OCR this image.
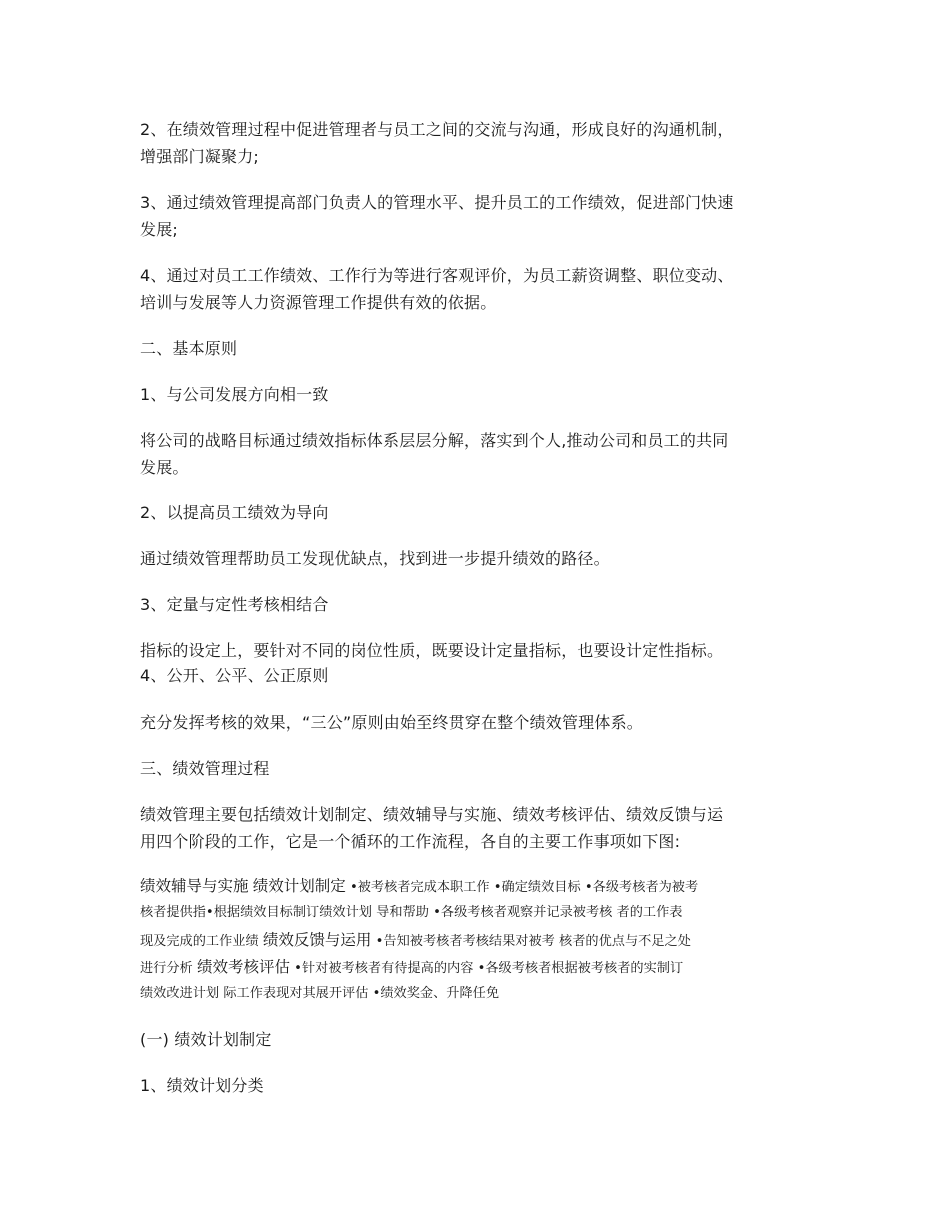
2、在绩效管理过程中促进管理者与员工之间的交流与沟通，形成良好的沟通机制，
增强部门凝聚力;
3、通过绩效管理提高部门负责人的管理水平、提升员工的工作绩效，促进部门快速
发展;
4、通过对员工工作绩效、工作行为等进行客观评价，为员工薪资调整、职位变动、
培训与发展等人力资源管理工作提供有效的依据。
二、基本原则
1、与公司发展方向相一致
将公司的战略目标通过绩效指标体系层层分解，落实到个人,推动公司和员工的共同
发展。
2、以提高员工绩效为导向
通过绩效管理帮助员工发现优缺点，找到进一步提升绩效的路径。
3、定量与定性考核相结合
指标的设定上，要针对不同的岗位性质，既要设计定量指标，也要设计定性指标。
4、公开、公平、公正原则
充分发挥考核的效果，“三公”原则由始至终贯穿在整个绩效管理体系。
三、绩效管理过程
绩效管理主要包括绩效计划制定、绩效辅导与实施、绩效考核评估、绩效反馈与运
用四个阶段的工作，它是一个循环的工作流程，各自的主要工作事项如下图:
绩效辅导与实施 绩效计划制定 •被考核者完成本职工作 •确定绩效目标 •各级考核者为被考
核者提供指•根据绩效目标制订绩效计划 导和帮助 •各级考核者观察并记录被考核 者的工作表
现及完成的工作业绩 绩效反馈与运用 •告知被考核者考核结果对被考 核者的优点与不足之处
进行分析 绩效考核评估 •针对被考核者有待提高的内容 •各级考核者根据被考核者的实制订
绩效改进计划 际工作表现对其展开评估 •绩效奖金、升降任免
(一) 绩效计划制定
1、绩效计划分类
